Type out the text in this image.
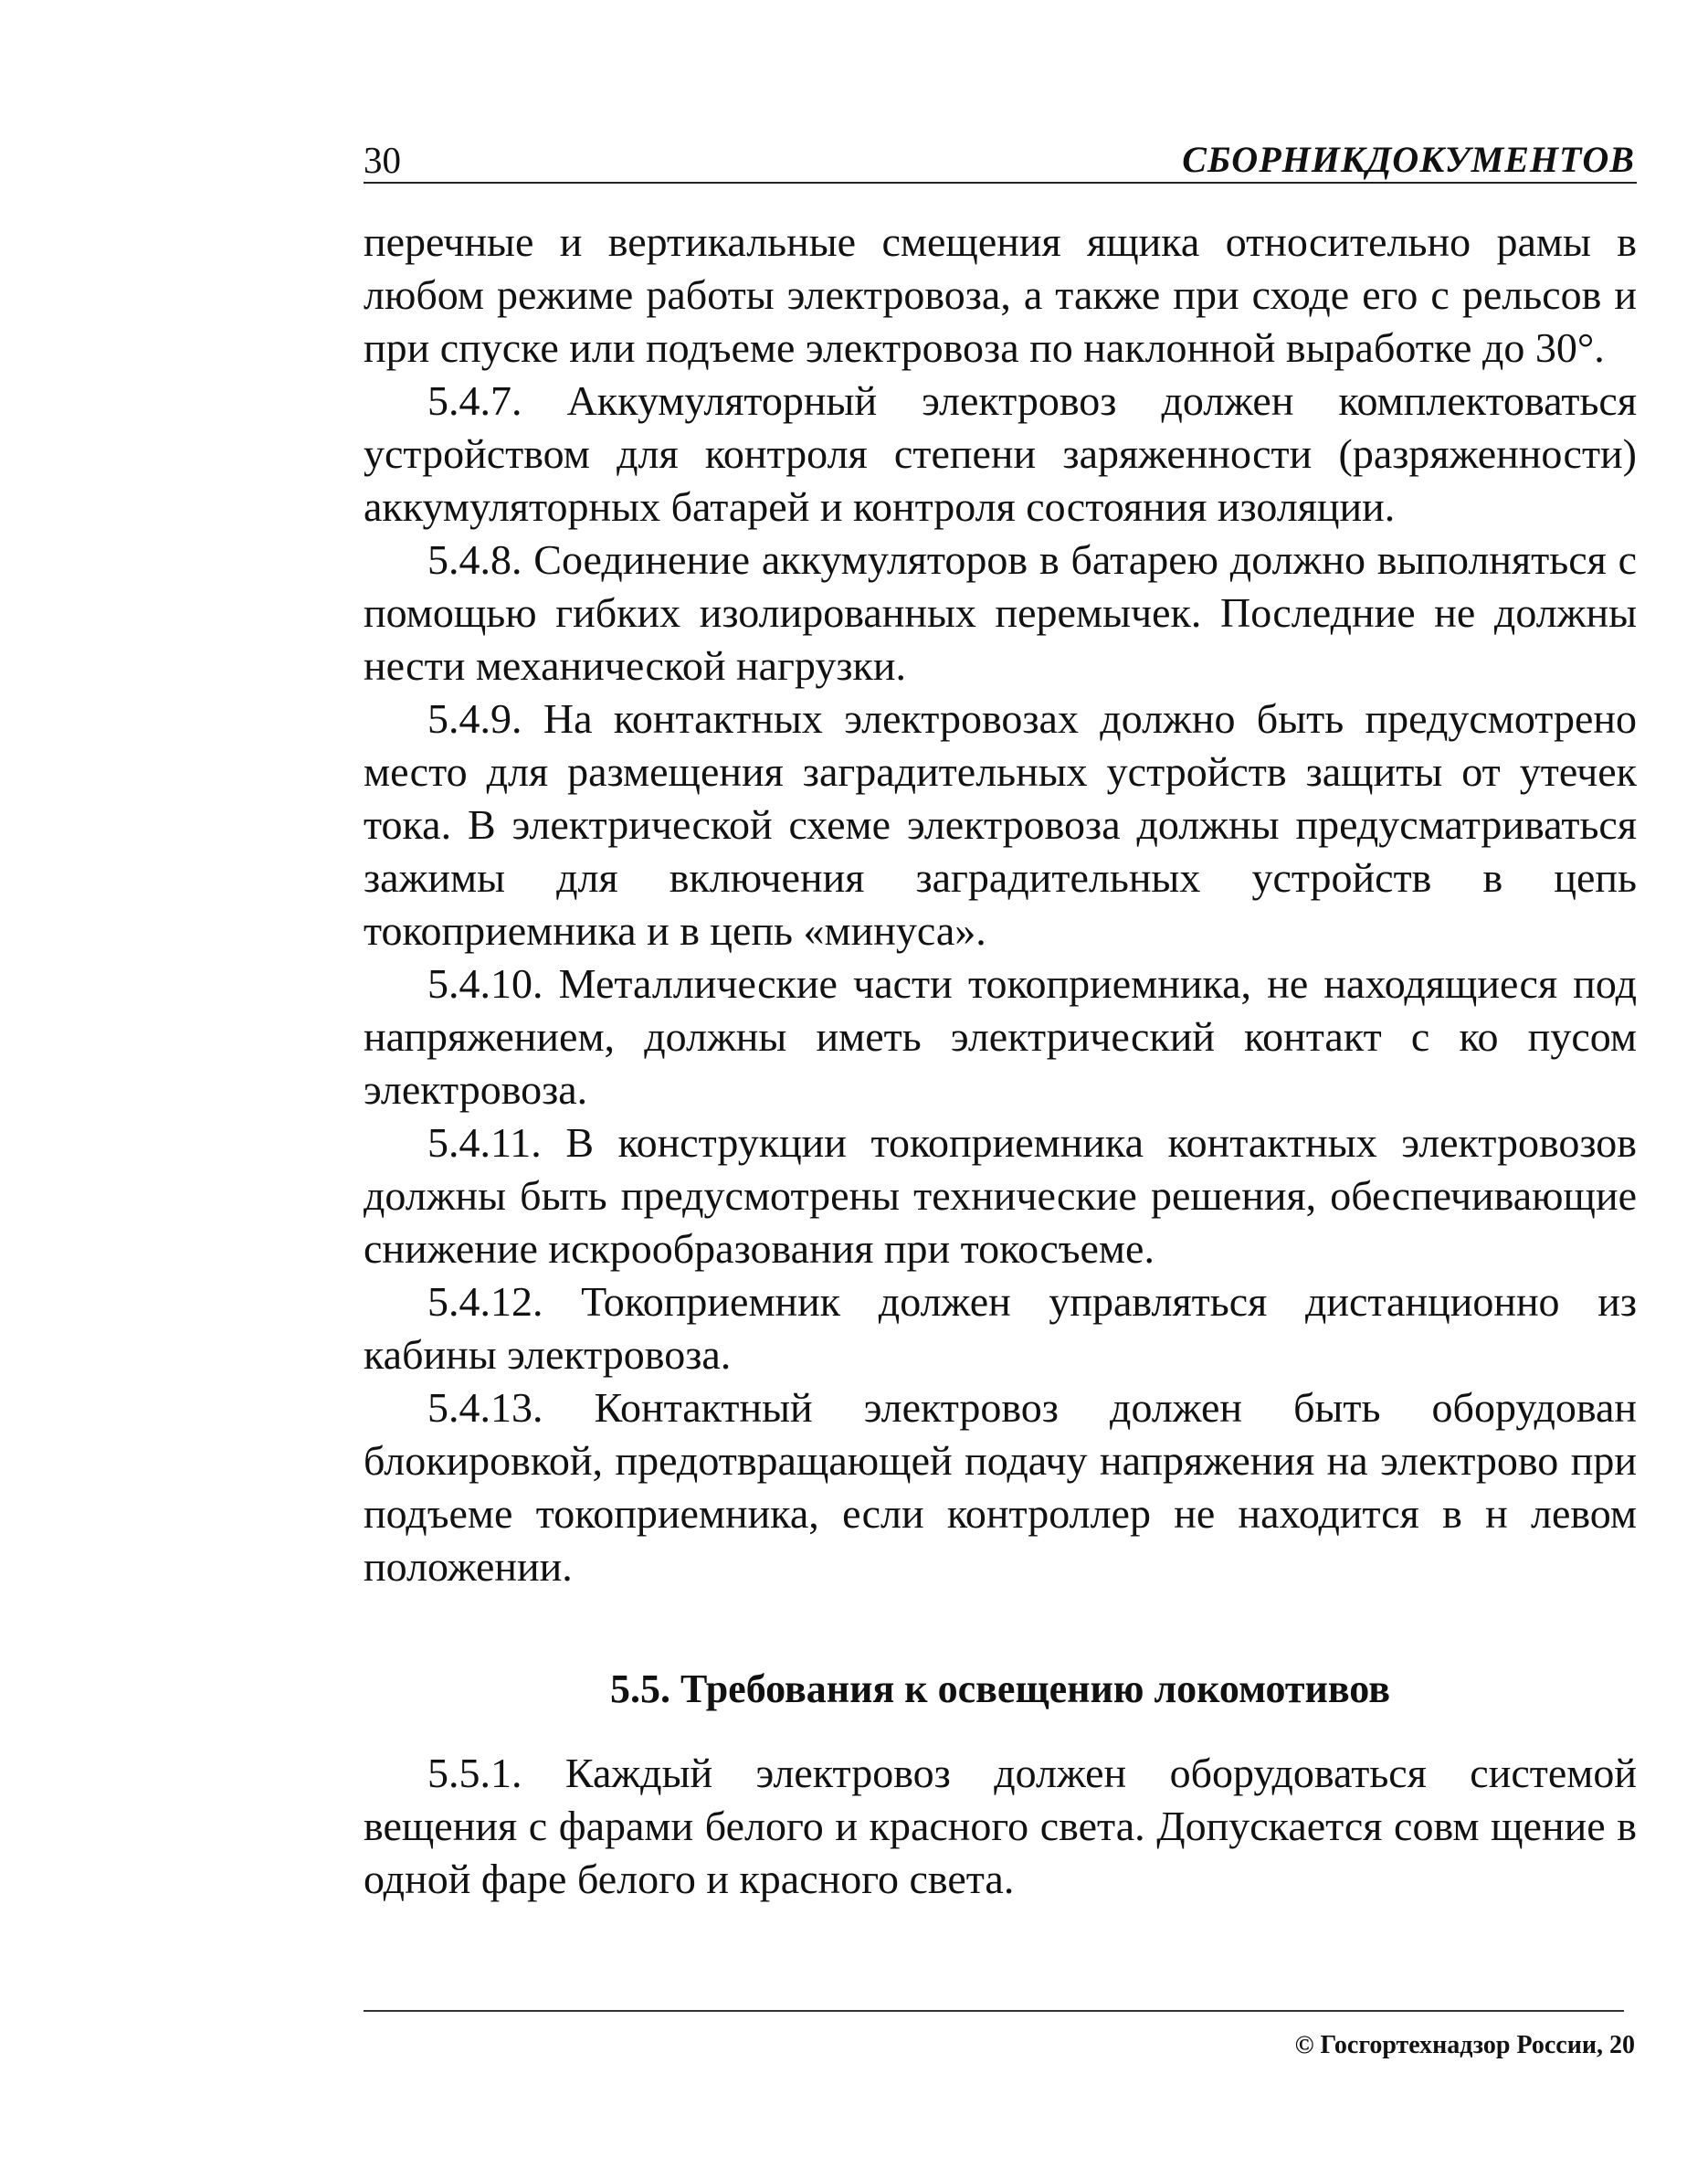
30	СБОРНИКДОКУМЕНТОВ

перечные и вертикальные смещения ящика относительно рамы в любом режиме работы электровоза, а также при сходе его с рельсов и при спуске или подъеме электровоза по наклонной выработке до 30°.

5.4.7. Аккумуляторный электровоз должен комплектоваться устройством для контроля степени заряженности (разряженности) аккумуляторных батарей и контроля состояния изоляции.

5.4.8. Соединение аккумуляторов в батарею должно выполняться с помощью гибких изолированных перемычек. Последние не должны нести механической нагрузки.

5.4.9. На контактных электровозах должно быть предусмотрено место для размещения заградительных устройств защиты от утечек тока. В электрической схеме электровоза должны предусматриваться зажимы для включения заградительных устройств в цепь токоприемника и в цепь «минуса».

5.4.10. Металлические части токоприемника, не находящиеся под напряжением, должны иметь электрический контакт с ко пусом электровоза.

5.4.11. В конструкции токоприемника контактных электровозов должны быть предусмотрены технические решения, обеспечивающие снижение искрообразования при токосъеме.

5.4.12. Токоприемник должен управляться дистанционно из кабины электровоза.

5.4.13. Контактный электровоз должен быть оборудован блокировкой, предотвращающей подачу напряжения на электрово при подъеме токоприемника, если контроллер не находится в н левом положении.

5.5. Требования к освещению локомотивов

5.5.1. Каждый электровоз должен оборудоваться системой вещения с фарами белого и красного света. Допускается совм щение в одной фаре белого и красного света.

© Госгортехнадзор России, 20
